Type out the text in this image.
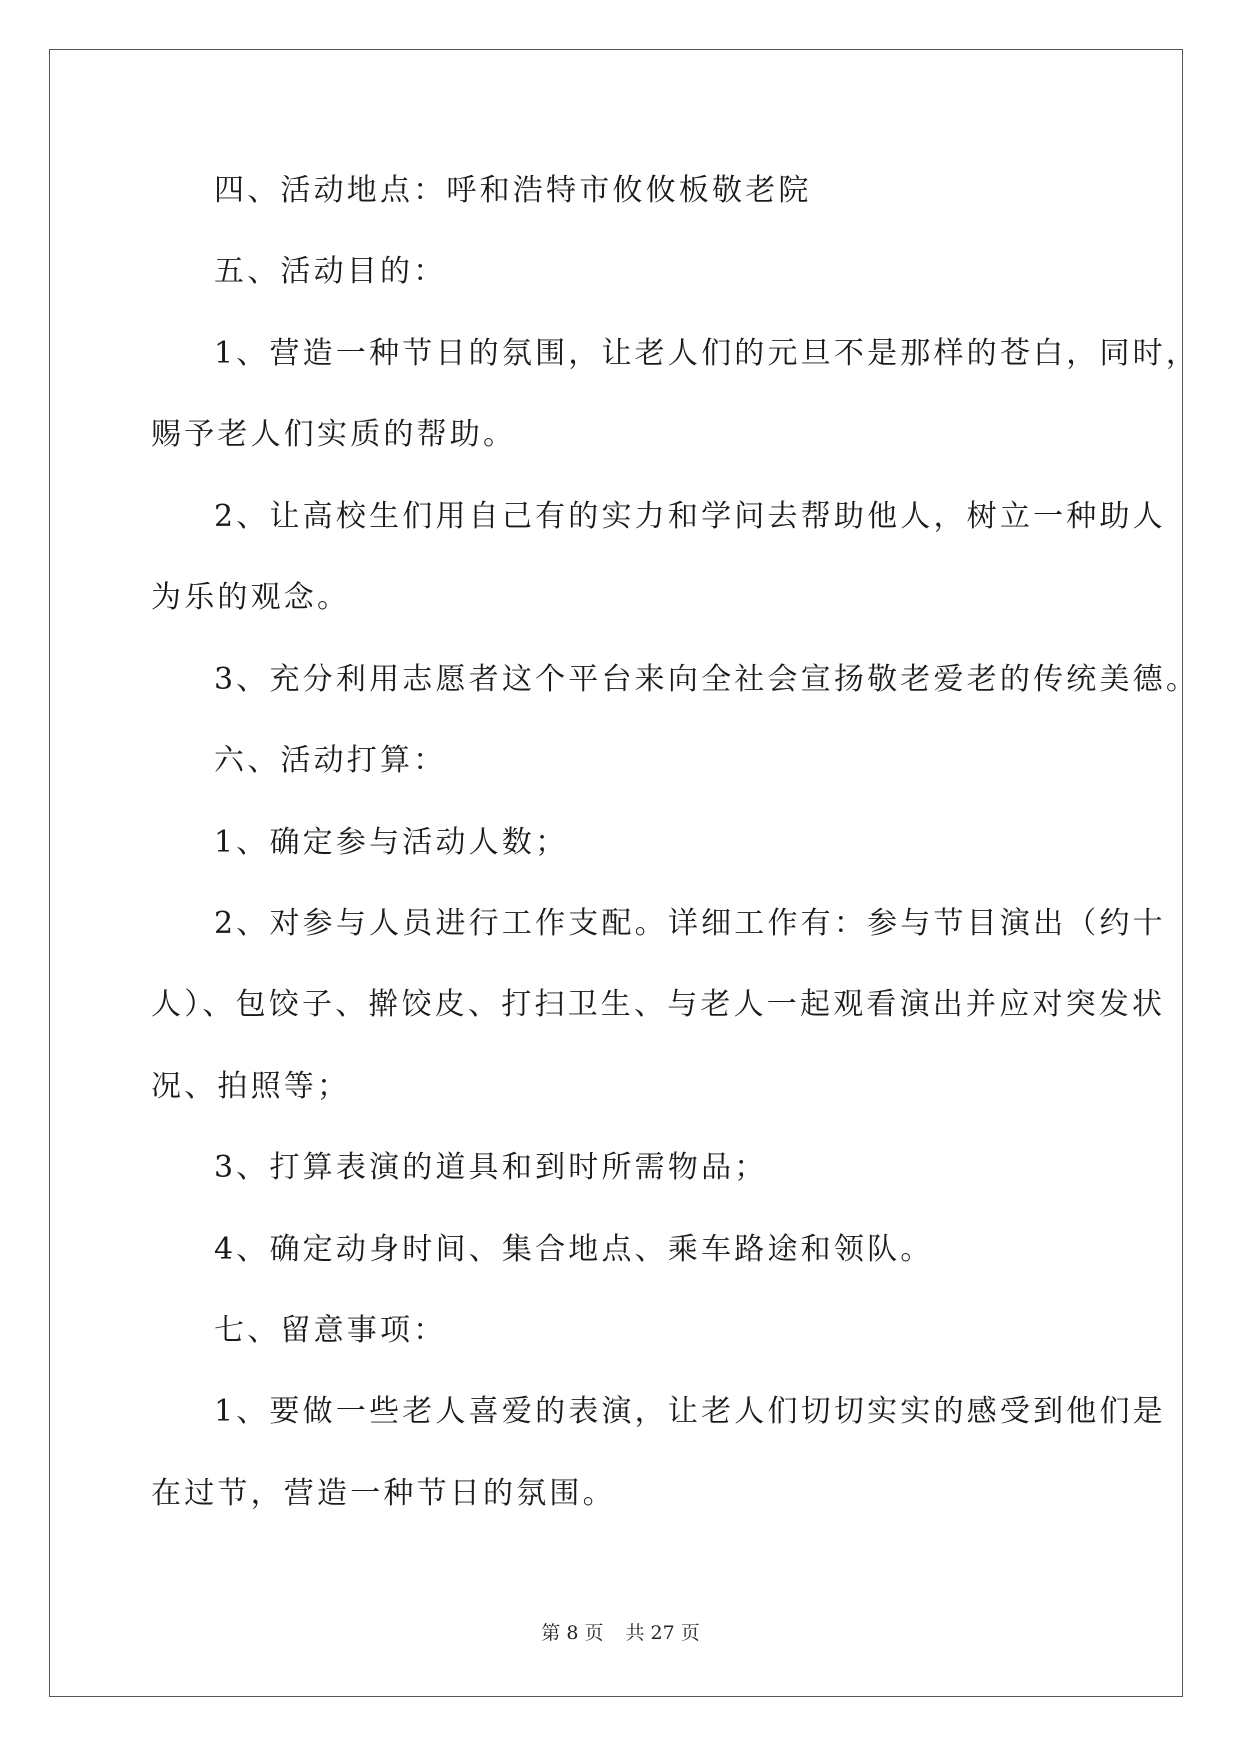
四、活动地点：呼和浩特市攸攸板敬老院
五、活动目的：
1、营造一种节日的氛围，让老人们的元旦不是那样的苍白，同时，
赐予老人们实质的帮助。
2、让高校生们用自己有的实力和学问去帮助他人，树立一种助人
为乐的观念。
3、充分利用志愿者这个平台来向全社会宣扬敬老爱老的传统美德。
六、活动打算：
1、确定参与活动人数；
2、对参与人员进行工作支配。详细工作有：参与节目演出（约十
人）、包饺子、擀饺皮、打扫卫生、与老人一起观看演出并应对突发状
况、拍照等；
3、打算表演的道具和到时所需物品；
4、确定动身时间、集合地点、乘车路途和领队。
七、留意事项：
1、要做一些老人喜爱的表演，让老人们切切实实的感受到他们是
在过节，营造一种节日的氛围。
第 8 页 共 27 页
